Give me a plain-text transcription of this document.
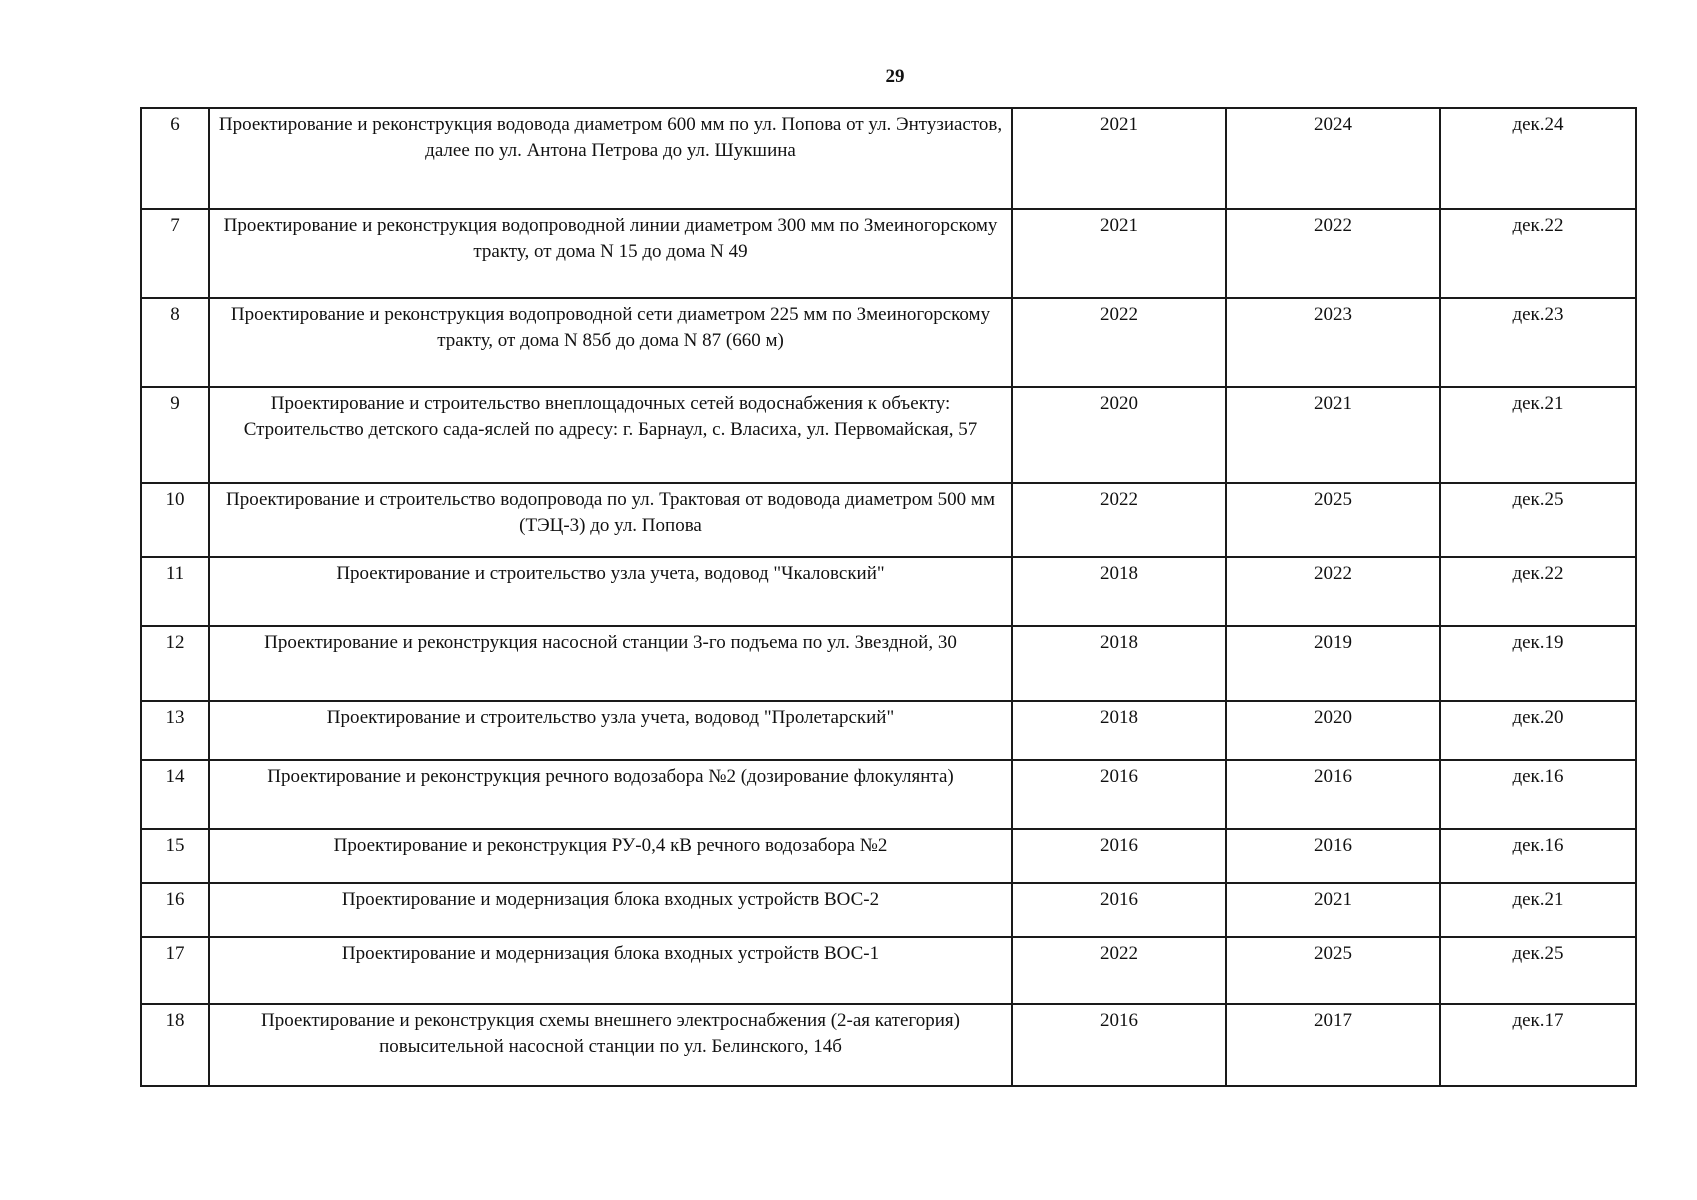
29
6	Проектирование и реконструкция водовода диаметром 600 мм по ул. Попова от ул. Энтузиастов, далее по ул. Антона Петрова до ул. Шукшина	2021	2024	дек.24
7	Проектирование и реконструкция водопроводной линии диаметром 300 мм по Змеиногорскому тракту, от дома N 15 до дома N 49	2021	2022	дек.22
8	Проектирование и реконструкция водопроводной сети диаметром 225 мм по Змеиногорскому тракту, от дома N 85б до дома N 87 (660 м)	2022	2023	дек.23
9	Проектирование и строительство внеплощадочных сетей водоснабжения к объекту: Строительство детского сада-яслей по адресу: г. Барнаул, с. Власиха, ул. Первомайская, 57	2020	2021	дек.21
10	Проектирование и строительство водопровода по ул. Трактовая от водовода диаметром 500 мм (ТЭЦ-3) до ул. Попова	2022	2025	дек.25
11	Проектирование и строительство узла учета, водовод "Чкаловский"	2018	2022	дек.22
12	Проектирование и реконструкция насосной станции 3-го подъема по ул. Звездной, 30	2018	2019	дек.19
13	Проектирование и строительство узла учета, водовод "Пролетарский"	2018	2020	дек.20
14	Проектирование и реконструкция речного водозабора №2 (дозирование флокулянта)	2016	2016	дек.16
15	Проектирование и реконструкция РУ-0,4 кВ речного водозабора №2	2016	2016	дек.16
16	Проектирование и модернизация блока входных устройств ВОС-2	2016	2021	дек.21
17	Проектирование и модернизация блока входных устройств ВОС-1	2022	2025	дек.25
18	Проектирование и реконструкция схемы внешнего электроснабжения (2-ая категория) повысительной насосной станции по ул. Белинского, 14б	2016	2017	дек.17
